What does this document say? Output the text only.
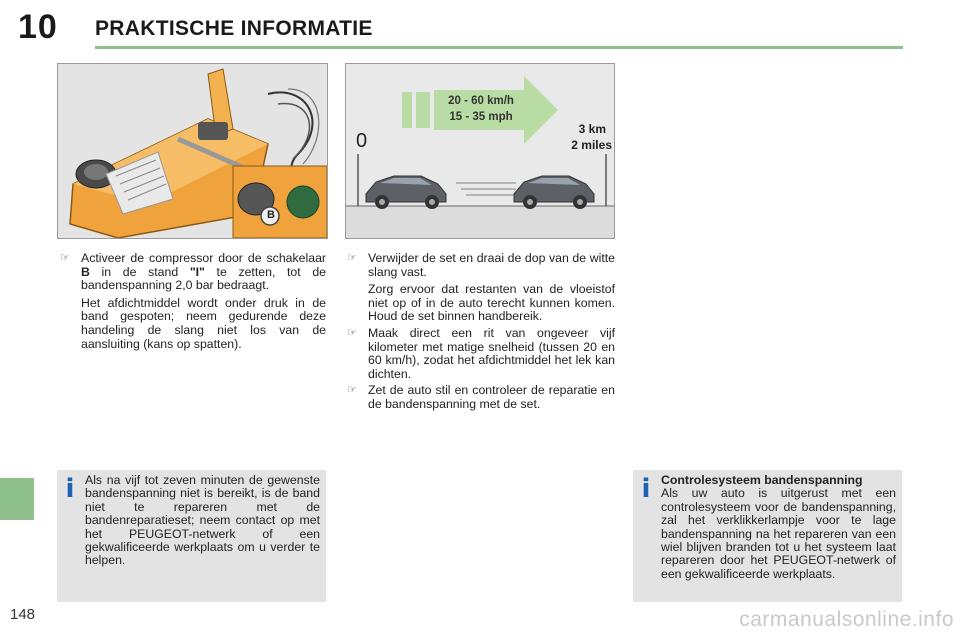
10 PRAKTISCHE INFORMATIE
B
0
20 - 60 km/h
15 - 35 mph
3 km
2 miles
☞ Activeer de compressor door de schakelaar B in de stand "I" te zetten, tot de bandenspanning 2,0 bar bedraagt.
Het afdichtmiddel wordt onder druk in de band gespoten; neem gedurende deze handeling de slang niet los van de aansluiting (kans op spatten).
☞ Verwijder de set en draai de dop van de witte slang vast.
Zorg ervoor dat restanten van de vloeistof niet op of in de auto terecht kunnen komen. Houd de set binnen handbereik.
☞ Maak direct een rit van ongeveer vijf kilometer met matige snelheid (tussen 20 en 60 km/h), zodat het afdichtmiddel het lek kan dichten.
☞ Zet de auto stil en controleer de reparatie en de bandenspanning met de set.
i Als na vijf tot zeven minuten de gewenste bandenspanning niet is bereikt, is de band niet te repareren met de bandenreparatieset; neem contact op met het PEUGEOT-netwerk of een gekwalificeerde werkplaats om u verder te helpen.
i Controlesysteem bandenspanning
Als uw auto is uitgerust met een controlesysteem voor de bandenspanning, zal het verklikkerlampje voor te lage bandenspanning na het repareren van een wiel blijven branden tot u het systeem laat repareren door het PEUGEOT-netwerk of een gekwalificeerde werkplaats.
148	carmanualsonline.info
